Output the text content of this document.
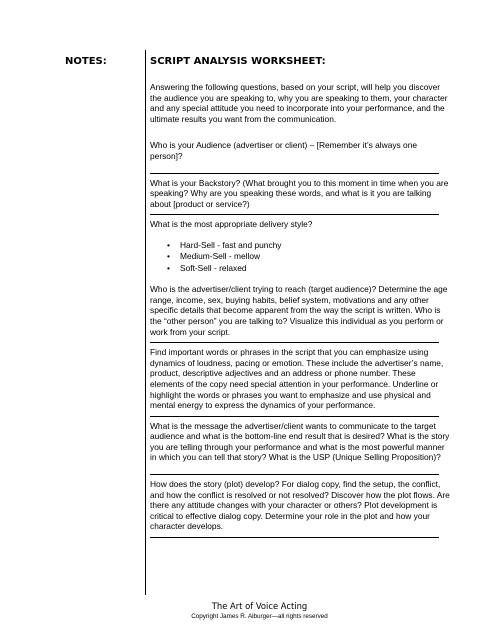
NOTES:	SCRIPT ANALYSIS WORKSHEET:

Answering the following questions, based on your script, will help you discover the audience you are speaking to, why you are speaking to them, your character and any special attitude you need to incorporate into your performance, and the ultimate results you want from the communication.

Who is your Audience (advertiser or client) – [Remember it’s always one person]?

What is your Backstory? (What brought you to this moment in time when you are speaking? Why are you speaking these words, and what is it you are talking about [product or service?)

What is the most appropriate delivery style?

• Hard-Sell - fast and punchy
• Medium-Sell - mellow
• Soft-Sell - relaxed

Who is the advertiser/client trying to reach (target audience)? Determine the age range, income, sex, buying habits, belief system, motivations and any other specific details that become apparent from the way the script is written. Who is the “other person” you are talking to? Visualize this individual as you perform or work from your script.

Find important words or phrases in the script that you can emphasize using dynamics of loudness, pacing or emotion. These include the advertiser’s name, product, descriptive adjectives and an address or phone number. These elements of the copy need special attention in your performance. Underline or highlight the words or phrases you want to emphasize and use physical and mental energy to express the dynamics of your performance.

What is the message the advertiser/client wants to communicate to the target audience and what is the bottom-line end result that is desired? What is the story you are telling through your performance and what is the most powerful manner in which you can tell that story? What is the USP (Unique Selling Proposition)?

How does the story (plot) develop? For dialog copy, find the setup, the conflict, and how the conflict is resolved or not resolved? Discover how the plot flows. Are there any attitude changes with your character or others? Plot development is critical to effective dialog copy. Determine your role in the plot and how your character develops.

The Art of Voice Acting
Copyright James R. Alburger—all rights reserved
